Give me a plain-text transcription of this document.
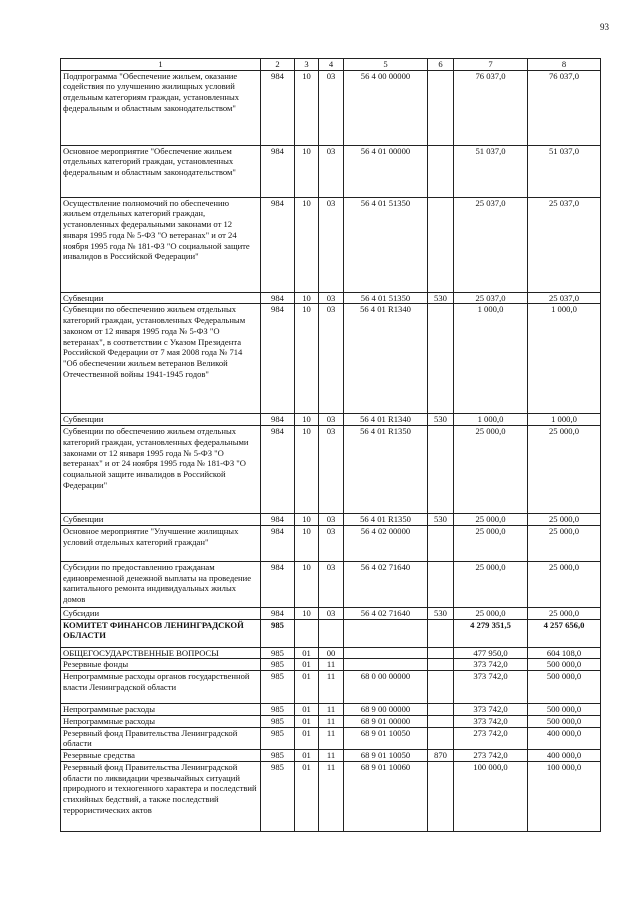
93
1	2	3	4	5	6	7	8
Подпрограмма "Обеспечение жильем, оказание содействия по улучшению жилищных условий отдельным категориям граждан, установленных федеральным и областным законодательством"	984	10	03	56 4 00 00000		76 037,0	76 037,0
Основное мероприятие "Обеспечение жильем отдельных категорий граждан, установленных федеральным и областным законодательством"	984	10	03	56 4 01 00000		51 037,0	51 037,0
Осуществление полномочий по обеспечению жильем отдельных категорий граждан, установленных федеральными законами от 12 января 1995 года № 5-ФЗ "О ветеранах" и от 24 ноября 1995 года № 181-ФЗ "О социальной защите инвалидов в Российской Федерации"	984	10	03	56 4 01 51350		25 037,0	25 037,0
Субвенции	984	10	03	56 4 01 51350	530	25 037,0	25 037,0
Субвенции по обеспечению жильем отдельных категорий граждан, установленных Федеральным законом от 12 января 1995 года № 5-ФЗ "О ветеранах", в соответствии с Указом Президента Российской Федерации от 7 мая 2008 года № 714 "Об обеспечении жильем ветеранов Великой Отечественной войны 1941-1945 годов"	984	10	03	56 4 01 R1340		1 000,0	1 000,0
Субвенции	984	10	03	56 4 01 R1340	530	1 000,0	1 000,0
Субвенции по обеспечению жильем отдельных категорий граждан, установленных федеральными законами от 12 января 1995 года № 5-ФЗ "О ветеранах" и от 24 ноября 1995 года № 181-ФЗ "О социальной защите инвалидов в Российской Федерации"	984	10	03	56 4 01 R1350		25 000,0	25 000,0
Субвенции	984	10	03	56 4 01 R1350	530	25 000,0	25 000,0
Основное мероприятие "Улучшение жилищных условий отдельных категорий граждан"	984	10	03	56 4 02 00000		25 000,0	25 000,0
Субсидии по предоставлению гражданам единовременной денежной выплаты на проведение капитального ремонта индивидуальных жилых домов	984	10	03	56 4 02 71640		25 000,0	25 000,0
Субсидии	984	10	03	56 4 02 71640	530	25 000,0	25 000,0
КОМИТЕТ ФИНАНСОВ ЛЕНИНГРАДСКОЙ ОБЛАСТИ	985					4 279 351,5	4 257 656,0
ОБЩЕГОСУДАРСТВЕННЫЕ ВОПРОСЫ	985	01	00			477 950,0	604 108,0
Резервные фонды	985	01	11			373 742,0	500 000,0
Непрограммные расходы органов государственной власти Ленинградской области	985	01	11	68 0 00 00000		373 742,0	500 000,0
Непрограммные расходы	985	01	11	68 9 00 00000		373 742,0	500 000,0
Непрограммные расходы	985	01	11	68 9 01 00000		373 742,0	500 000,0
Резервный фонд Правительства Ленинградской области	985	01	11	68 9 01 10050		273 742,0	400 000,0
Резервные средства	985	01	11	68 9 01 10050	870	273 742,0	400 000,0
Резервный фонд Правительства Ленинградской области по ликвидации чрезвычайных ситуаций природного и техногенного характера и последствий стихийных бедствий, а также последствий террористических актов	985	01	11	68 9 01 10060		100 000,0	100 000,0
